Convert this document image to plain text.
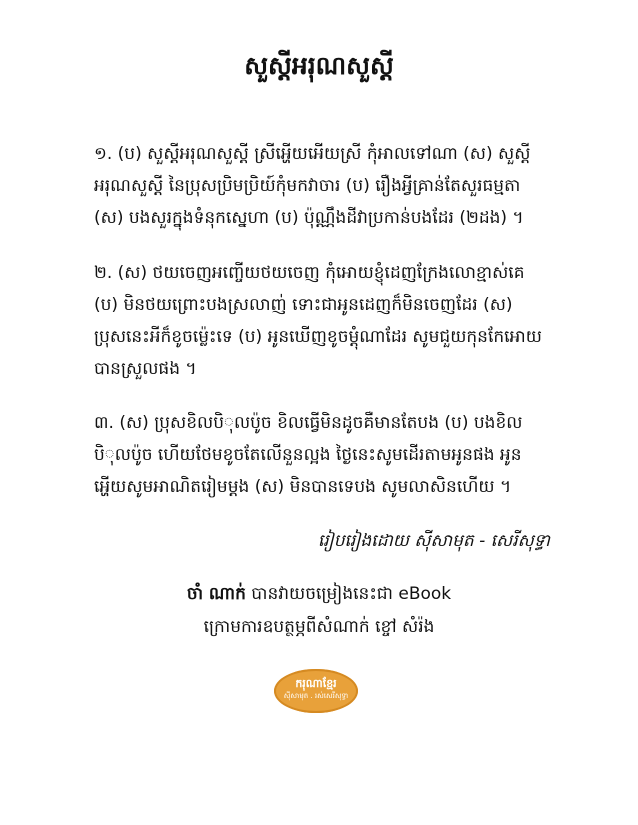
សួស្តីអរុណសួស្តី
១. (ប) សួស្តីអរុណសួស្តី ស្រីអ្ហើយអើយស្រី កុំអាលទៅណា (ស) សួស្តី
អរុណសួស្តី នៃប្រុសប្រិមប្រិយ៍កុំមកវាចារ (ប) រឿងអ្វីគ្រាន់តែសួរធម្មតា
(ស) បងសួរក្នុងទំនុកស្នេហា (ប) ប៉ុណ្ណឹងដីវាប្រកាន់បងដែរ (២ដង) ។
២. (ស) ថយចេញអញ្ចើយថយចេញ កុំអោយខ្ញុំដេញក្រែងលោខ្មាស់គេ
(ប) មិនថយព្រោះបងស្រលាញ់ ទោះជាអូនដេញក៏មិនចេញដែរ (ស)
ប្រុសនេះអីក៏ខូចម្ល៉េះទេ (ប) អូនឃើញខូចម្ដុំណាដែរ សូមជួយកុនកែអោយ
បានស្រួលផង ។
៣. (ស) ប្រុសខិលបិុលប៉ូច ខិលធ្វើមិនដូចគឺមានតែបង (ប) បងខិល
បិុលប៉ូច ហើយថែមខូចតែលើនួនល្អង ថ្ងៃនេះសូមដើរតាមអូនផង អូន
អ្ហើយសូមអាណិតរៀមម្ដង (ស) មិនបានទេបង សូមលាសិនហើយ ។
រៀបរៀងដោយ ស៊ីសាមុត - សេរីសុទ្ធា
ចាំ ណាក់ បានវាយចម្រៀងនេះជា eBook
ក្រោមការឧបត្ថម្ភពីសំណាក់ ខ្ចៅ សំរ៉ង
ករុណាខ្មែរ
ស៊ីសាមុត . រស់សេរីសុទ្ធា
